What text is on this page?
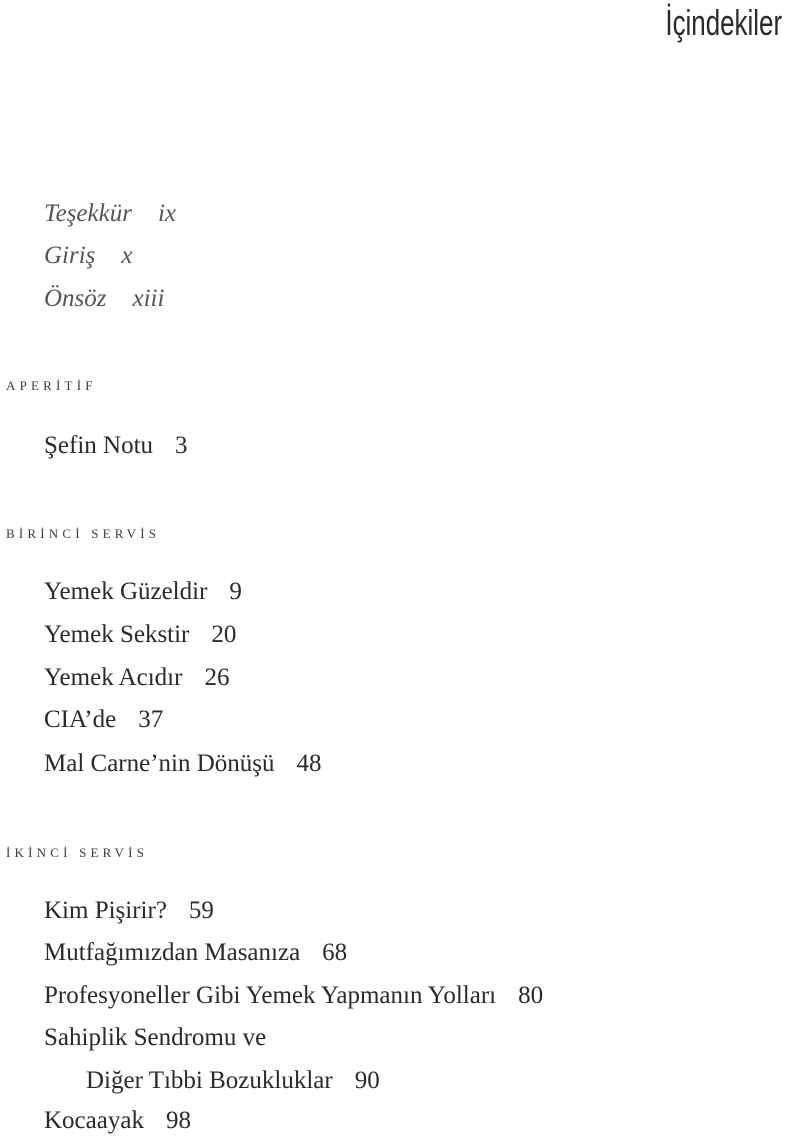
İçindekiler
Teşekkür ix
Giriş x
Önsöz xiii
APERİTİF
Şefin Notu 3
BİRİNCİ SERVİS
Yemek Güzeldir 9
Yemek Sekstir 20
Yemek Acıdır 26
CIA’de 37
Mal Carne’nin Dönüşü 48
İKİNCİ SERVİS
Kim Pişirir? 59
Mutfağımızdan Masanıza 68
Profesyoneller Gibi Yemek Yapmanın Yolları 80
Sahiplik Sendromu ve
Diğer Tıbbi Bozukluklar 90
Kocaayak 98
